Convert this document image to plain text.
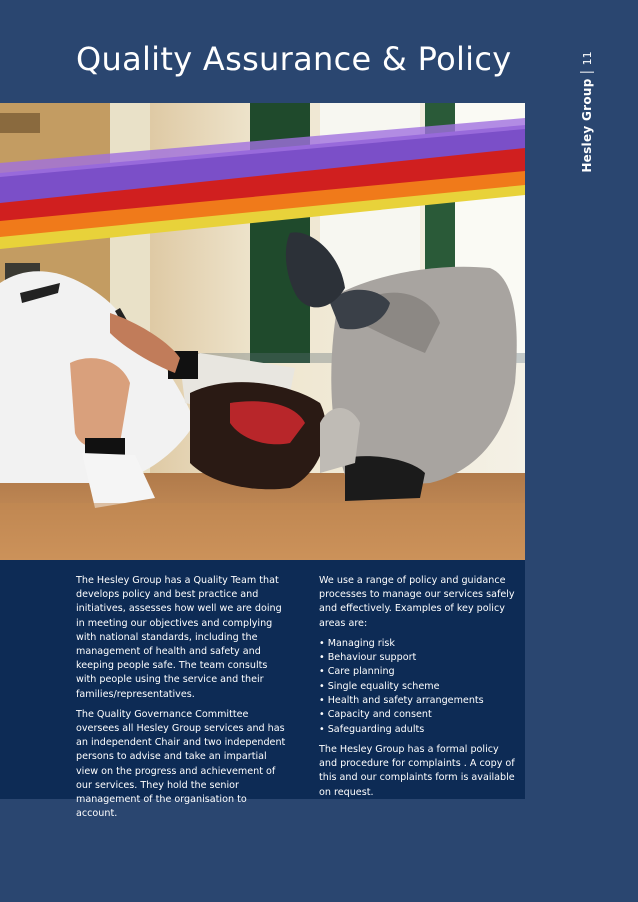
Quality Assurance & Policy
Hesley Group
11

The Hesley Group has a Quality Team that develops policy and best practice and initiatives, assesses how well we are doing in meeting our objectives and complying with national standards, including the management of health and safety and keeping people safe. The team consults with people using the service and their families/representatives.

The Quality Governance Committee oversees all Hesley Group services and has an independent Chair and two independent persons to advise and take an impartial view on the progress and achievement of our services. They hold the senior management of the organisation to account.

We use a range of policy and guidance processes to manage our services safely and effectively. Examples of key policy areas are:

• Managing risk
• Behaviour support
• Care planning
• Single equality scheme
• Health and safety arrangements
• Capacity and consent
• Safeguarding adults

The Hesley Group has a formal policy and procedure for complaints . A copy of this and our complaints form is available on request.
